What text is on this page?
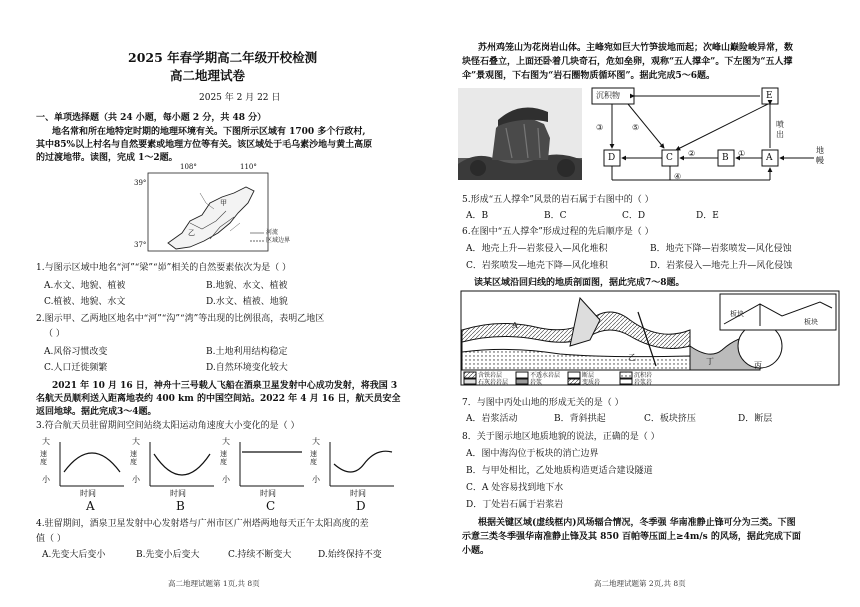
2025 年春学期高二年级开校检测
高二地理试卷
2025 年 2 月 22 日
一、单项选择题（共 24 小题，每小题 2 分，共 48 分）
地名常和所在地特定时期的地理环境有关。下图所示区域有 1700 多个行政村,
其中85%以上村名与自然要素或地理方位等有关。该区域处于毛乌素沙地与黄土高原
的过渡地带。读图，完成 1～2题。
108°	110°
39°
37°
甲
乙	河流
区域边界
1.与图示区域中地名“河”“梁”“峁”相关的自然要素依次为是（ ）
A.水文、地貌、植被	B.地貌、水文、植被
C.植被、地貌、水文	D.水文、植被、地貌
2.图示甲、乙两地区地名中“河”“沟”“湾”等出现的比例很高，表明乙地区
（ ）
A.风俗习惯改变	B.土地利用结构稳定
C.人口迁徙频繁	D.自然环境变化较大
2021 年 10 月 16 日，神舟十三号载人飞船在酒泉卫星发射中心成功发射，将我国 3
名航天员顺利送入距离地表约 400 km 的中国空间站。2022 年 4 月 16 日，航天员安全
返回地球。据此完成3～4题。
3.符合航天员驻留期间空间站绕太阳运动角速度大小变化的是（ ）
大
速度
小
时间
A
大
速度
小
时间
B
大
速度
小
时间
C
大
速度
小
时间
D
4.驻留期间，酒泉卫星发射中心发射塔与广州市区广州塔两地每天正午太阳高度的差
值（ ）
A.先变大后变小	B.先变小后变大	C.持续不断变大	D.始终保持不变
高二地理试题第 1页,共 8页
苏州鸡笼山为花岗岩山体。主峰宛如巨大竹笋拔地而起；次峰山巅险峻异常，数
块怪石叠立，上面还卧着几块奇石，危如垒卵，观称“五人撑伞”。下左图为“五人撑
伞”景观图，下右图为“岩石圈物质循环图”。据此完成5～6题。
沉积物	E
D	C	B	A
①
②
③
④
⑤	喷出
地幔
5.形成“五人撑伞”风景的岩石属于右图中的（ ）
A．B	B．C	C．D	D．E
6.在图中“五人撑伞”形成过程的先后顺序是（ ）
A．地壳上升—岩浆侵入—风化堆积	B．地壳下降—岩浆喷发—风化侵蚀
C．岩浆喷发—地壳下降—风化堆积	D．岩浆侵入—地壳上升—风化侵蚀
读某区域沿回归线的地质剖面图，据此完成7～8题。
A
乙	丁	丙
板块
板块
含铁岩层	不透水岩层	断层	沉积岩
石灰岩岩层	岩浆	变质岩	岩浆岩
7．与图中丙处山地的形成无关的是（ ）
A．岩浆活动	B．背斜拱起	C．板块挤压	D．断层
8．关于图示地区地质地貌的说法，正确的是（ ）
A．图中海沟位于板块的消亡边界
B．与甲处相比，乙处地质构造更适合建设隧道
C．A 处容易找到地下水
D．丁处岩石属于岩浆岩
根据关键区域(虚线框内)风场辐合情况，冬季强 华南准静止锋可分为三类。下图
示意三类冬季强华南准静止锋及其 850 百帕等压面上≥4m/s 的风场，据此完成下面
小题。
高二地理试题第 2页,共 8页
